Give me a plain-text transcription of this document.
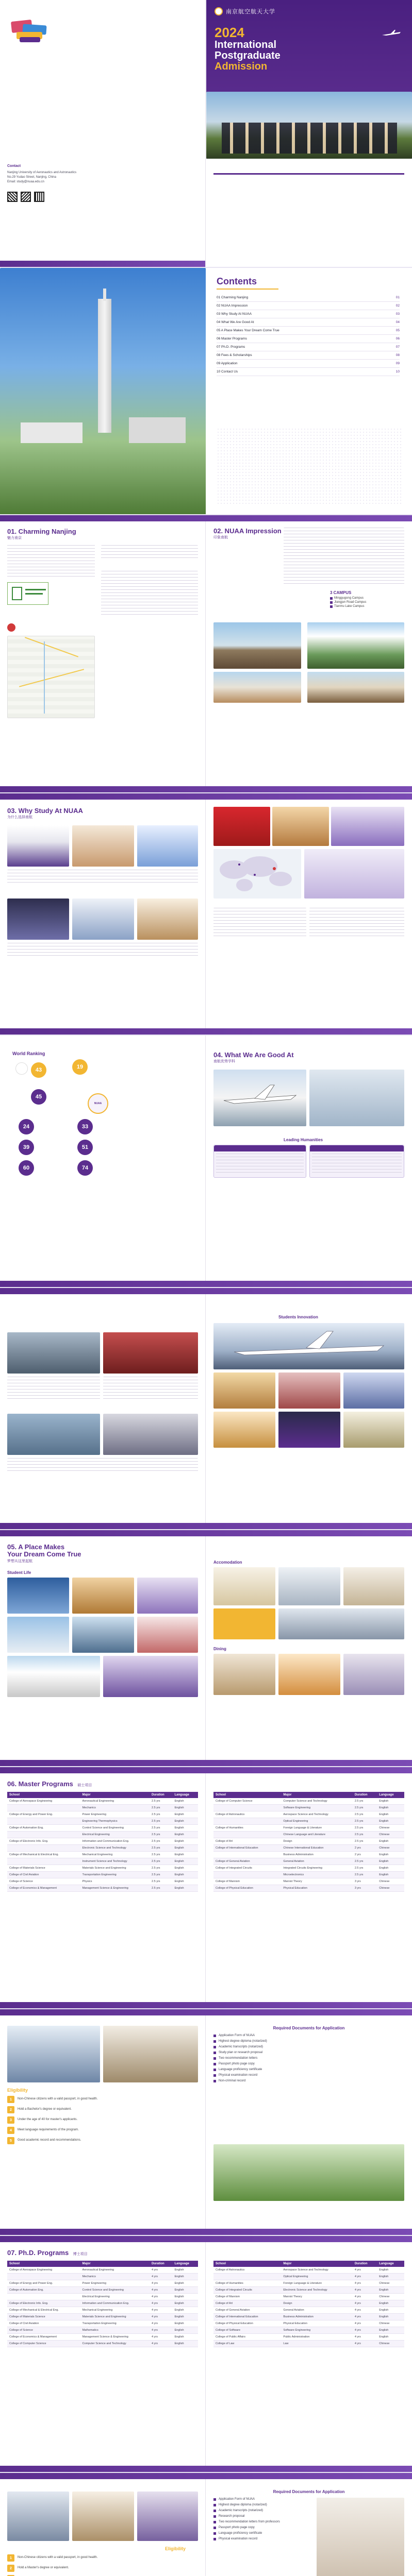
Contact
Nanjing University of Aeronautics and Astronautics
No.29 Yudao Street, Nanjing, China
Email: study@nuaa.edu.cn
南京航空航天大学
2024
International
Postgraduate
Admission
Contents
01 Charming Nanjing	01
02 NUAA Impression	02
03 Why Study At NUAA	03
04 What We Are Good At	04
05 A Place Makes Your Dream Come True	05
06 Master Programs	06
07 Ph.D. Programs	07
08 Fees & Scholarships	08
09 Application	09
10 Contact Us	10
01. Charming Nanjing
魅力南京
02. NUAA Impression
印象南航
3 CAMPUS
Minggugong Campus
Jiangjun Road Campus
Tianmu Lake Campus
03. Why Study At NUAA
为什么选择南航
World Ranking
NUAA
43	19
45
24	33
39	51
60	74
04. What We Are Good At
南航优势学科
Leading Humanities
Students Innovation
05. A Place Makes
Your Dream Come True
梦想从这里起航
Student Life
Accomodation
Dining
06. Master Programs 硕士项目
School	Major	Duration	Language
College of Aerospace Engineering	Aeronautical Engineering	2.5 yrs	English
	Mechanics	2.5 yrs	English
College of Energy and Power Eng.	Power Engineering	2.5 yrs	English
	Engineering Thermophysics	2.5 yrs	English
College of Automation Eng.	Control Science and Engineering	2.5 yrs	English
	Electrical Engineering	2.5 yrs	English
College of Electronic Info. Eng.	Information and Communication Eng.	2.5 yrs	English
	Electronic Science and Technology	2.5 yrs	English
College of Mechanical & Electrical Eng.	Mechanical Engineering	2.5 yrs	English
	Instrument Science and Technology	2.5 yrs	English
College of Materials Science	Materials Science and Engineering	2.5 yrs	English
College of Civil Aviation	Transportation Engineering	2.5 yrs	English
College of Science	Physics	2.5 yrs	English
College of Economics & Management	Management Science & Engineering	2.5 yrs	English
School	Major	Duration	Language
College of Computer Science	Computer Science and Technology	2.5 yrs	English
	Software Engineering	2.5 yrs	English
College of Astronautics	Aerospace Science and Technology	2.5 yrs	English
	Optical Engineering	2.5 yrs	English
College of Humanities	Foreign Language & Literature	2.5 yrs	Chinese
	Chinese Language and Literature	2.5 yrs	Chinese
College of Art	Design	2.5 yrs	English
College of International Education	Chinese International Education	2 yrs	Chinese
	Business Administration	2 yrs	English
College of General Aviation	General Aviation	2.5 yrs	English
College of Integrated Circuits	Integrated Circuits Engineering	2.5 yrs	English
	Microelectronics	2.5 yrs	English
College of Marxism	Marxist Theory	3 yrs	Chinese
College of Physical Education	Physical Education	3 yrs	Chinese
Eligibility
1	Non-Chinese citizens with a valid passport, in good health.
2	Hold a Bachelor's degree or equivalent.
3	Under the age of 40 for master's applicants.
4	Meet language requirements of the program.
5	Good academic record and recommendations.
Required Documents for Application
Application Form of NUAA
Highest degree diploma (notarized)
Academic transcripts (notarized)
Study plan or research proposal
Two recommendation letters
Passport photo page copy
Language proficiency certificate
Physical examination record
Non-criminal record
07. Ph.D. Programs 博士项目
School	Major	Duration	Language
College of Aerospace Engineering	Aeronautical Engineering	4 yrs	English
	Mechanics	4 yrs	English
College of Energy and Power Eng.	Power Engineering	4 yrs	English
College of Automation Eng.	Control Science and Engineering	4 yrs	English
	Electrical Engineering	4 yrs	English
College of Electronic Info. Eng.	Information and Communication Eng.	4 yrs	English
College of Mechanical & Electrical Eng.	Mechanical Engineering	4 yrs	English
College of Materials Science	Materials Science and Engineering	4 yrs	English
College of Civil Aviation	Transportation Engineering	4 yrs	English
College of Science	Mathematics	4 yrs	English
College of Economics & Management	Management Science & Engineering	4 yrs	English
College of Computer Science	Computer Science and Technology	4 yrs	English
School	Major	Duration	Language
College of Astronautics	Aerospace Science and Technology	4 yrs	English
	Optical Engineering	4 yrs	English
College of Humanities	Foreign Language & Literature	4 yrs	Chinese
College of Integrated Circuits	Electronic Science and Technology	4 yrs	English
College of Marxism	Marxist Theory	4 yrs	Chinese
College of Art	Design	4 yrs	English
College of General Aviation	General Aviation	4 yrs	English
College of International Education	Business Administration	4 yrs	English
College of Physical Education	Physical Education	4 yrs	Chinese
College of Software	Software Engineering	4 yrs	English
College of Public Affairs	Public Administration	4 yrs	English
College of Law	Law	4 yrs	Chinese
Eligibility
1	Non-Chinese citizens with a valid passport, in good health.
2	Hold a Master's degree or equivalent.
Required Documents for Application
Application Form of NUAA
Highest degree diploma (notarized)
Academic transcripts (notarized)
Research proposal
Two recommendation letters from professors
Passport photo page copy
Language proficiency certificate
Physical examination record
